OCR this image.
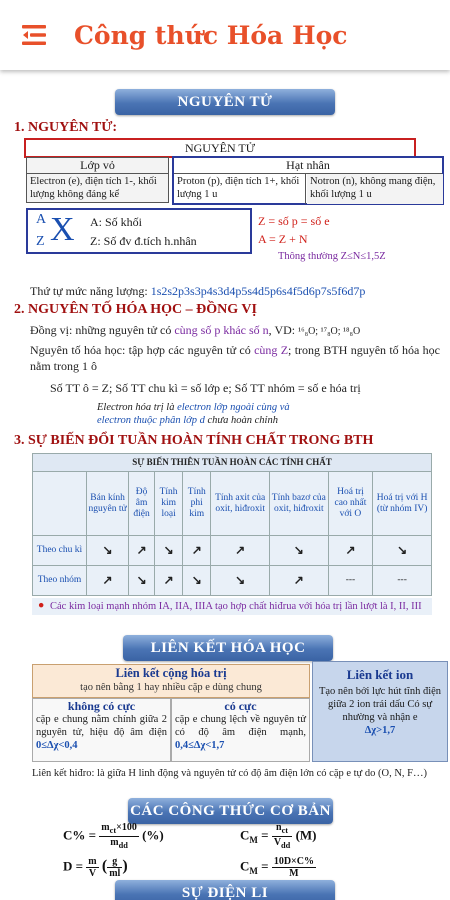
Công thức Hóa Học
NGUYÊN TỬ
1. NGUYÊN TỬ:
NGUYÊN TỬ
Lớp vỏ
Electron (e), điện tích 1-, khối lượng không đáng kể
Hạt nhân
Proton (p), điện tích 1+, khối lượng 1 u
Notron (n), không mang điện, khối lượng 1 u
A
Z X A: Số khối
Z: Số đv đ.tích h.nhân
Z = số p = số e
A = Z + N
Thông thường Z≤N≤1,5Z
Thứ tự mức năng lượng: 1s2s2p3s3p4s3d4p5s4d5p6s4f5d6p7s5f6d7p
2. NGUYÊN TỐ HÓA HỌC – ĐỒNG VỊ
Đồng vị: những nguyên tử có cùng số p khác số n, VD: ¹⁶₈O; ¹⁷₈O; ¹⁸₈O
Nguyên tố hóa học: tập hợp các nguyên tử có cùng Z; trong BTH nguyên tố hóa học nằm trong 1 ô
Số TT ô = Z; Số TT chu kì = số lớp e; Số TT nhóm = số e hóa trị
Electron hóa trị là electron lớp ngoài cùng và
electron thuộc phân lớp d chưa hoàn chỉnh
3. SỰ BIẾN ĐỔI TUẦN HOÀN TÍNH CHẤT TRONG BTH
SỰ BIẾN THIÊN TUẦN HOÀN CÁC TÍNH CHẤT								
	Bán kính nguyên tử	Độ âm điện	Tính kim loại	Tính phi kim	Tính axit của oxit, hiđroxit	Tính bazơ của oxit, hiđroxit	Hoá trị cao nhất với O	Hoá trị với H (từ nhóm IV)
Theo chu kì	↘	↗	↘	↗	↗	↘	↗	↘
Theo nhóm	↗	↘	↗	↘	↘	↗	---	---
● Các kim loại mạnh nhóm IA, IIA, IIIA tạo hợp chất hiđrua với hóa trị lần lượt là I, II, III
LIÊN KẾT HÓA HỌC
Liên kết cộng hóa trị
tạo nên bằng 1 hay nhiều cặp e dùng chung
không có cực
cặp e chung nằm chính giữa 2 nguyên tử, hiệu độ âm điện 0≤Δχ<0,4
có cực
cặp e chung lệch về nguyên tử có độ âm điện mạnh, 0,4≤Δχ<1,7
Liên kết ion
Tạo nên bởi lực hút tĩnh điện giữa 2 ion trái dấu Có sự nhường và nhận e
Δχ>1,7
Liên kết hiđro: là giữa H linh động và nguyên tử có độ âm điện lớn có cặp e tự do (O, N, F…)
CÁC CÔNG THỨC CƠ BẢN
$C\% = \frac{m_{ct}\times 100}{m_{dd}}$ (%)	$C_M = \frac{n_{ct}}{V_{dd}} (M)$
$D = \frac{m}{V}$ ( $\frac{g}{ml}$ )	$C_M = \frac{10D\times C\%}{M}$
SỰ ĐIỆN LI
